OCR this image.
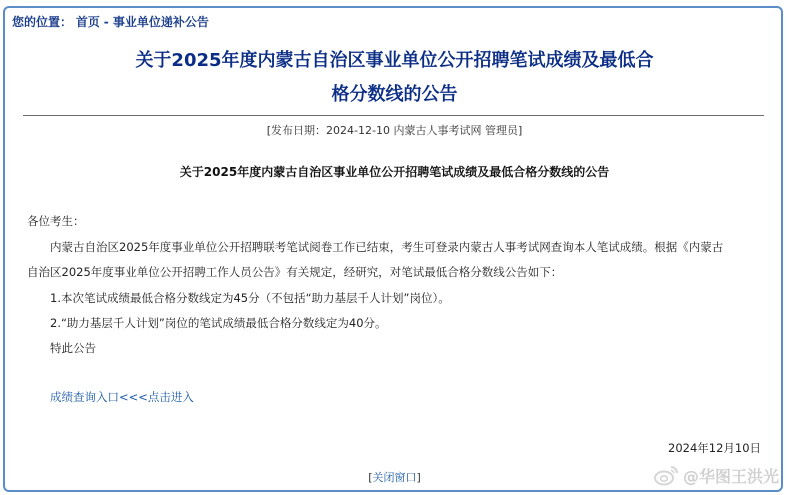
您的位置： 首页 - 事业单位递补公告
关于2025年度内蒙古自治区事业单位公开招聘笔试成绩及最低合
格分数线的公告
[发布日期：2024-12-10 内蒙古人事考试网 管理员]
关于2025年度内蒙古自治区事业单位公开招聘笔试成绩及最低合格分数线的公告
各位考生：
内蒙古自治区2025年度事业单位公开招聘联考笔试阅卷工作已结束，考生可登录内蒙古人事考试网查询本人笔试成绩。根据《内蒙古
自治区2025年度事业单位公开招聘工作人员公告》有关规定，经研究，对笔试最低合格分数线公告如下：
1.本次笔试成绩最低合格分数线定为45分（不包括“助力基层千人计划”岗位）。
2.“助力基层千人计划”岗位的笔试成绩最低合格分数线定为40分。
特此公告
成绩查询入口<<<点击进入
2024年12月10日
[关闭窗口]	@华图王洪光
